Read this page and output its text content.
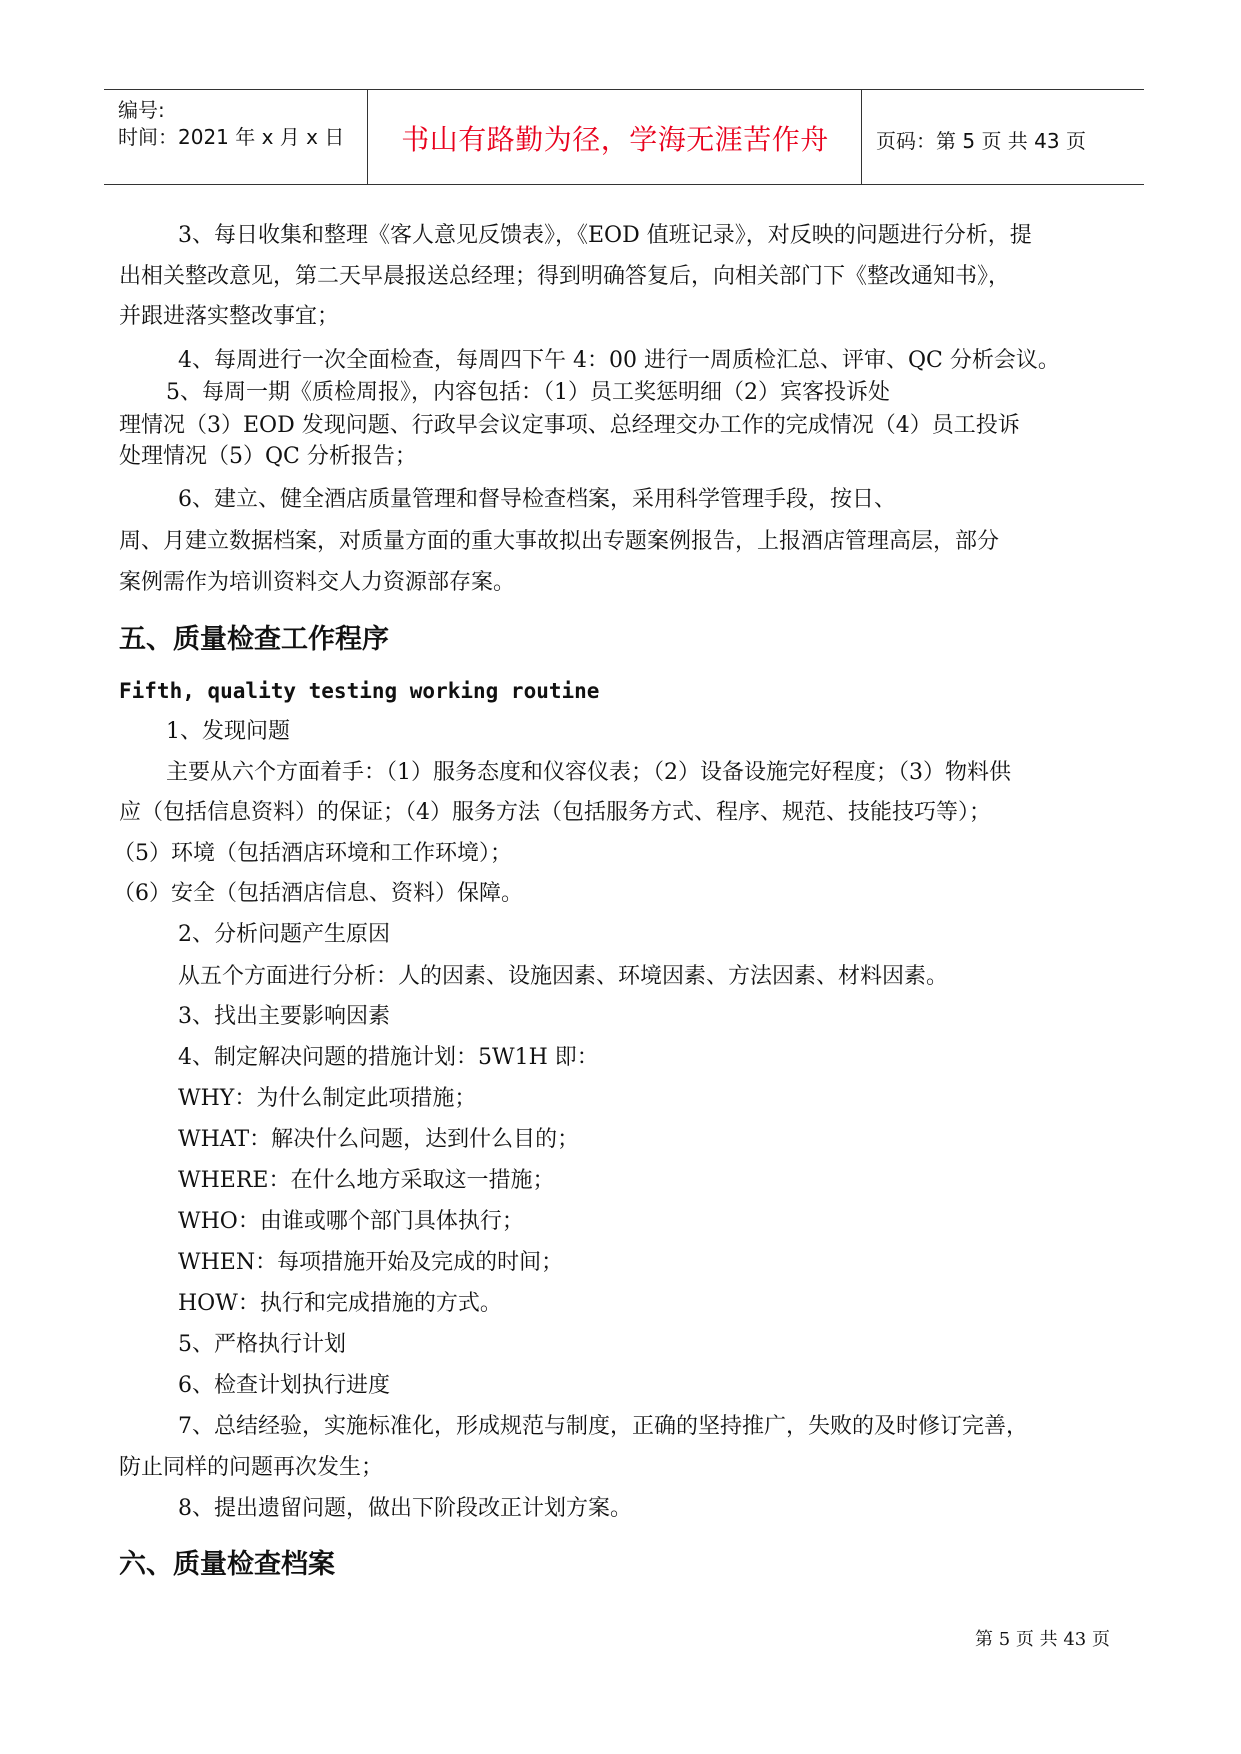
编号:
时间：2021 年 x 月 x 日	书山有路勤为径，学海无涯苦作舟	页码：第 5 页 共 43 页
3、每日收集和整理《客人意见反馈表》，《EOD 值班记录》，对反映的问题进行分析，提
出相关整改意见，第二天早晨报送总经理；得到明确答复后，向相关部门下《整改通知书》，
并跟进落实整改事宜；
4、每周进行一次全面检查，每周四下午 4：00 进行一周质检汇总、评审、QC 分析会议。
5、每周一期《质检周报》，内容包括：（1）员工奖惩明细（2）宾客投诉处
理情况（3）EOD 发现问题、行政早会议定事项、总经理交办工作的完成情况（4）员工投诉
处理情况（5）QC 分析报告；
6、建立、健全酒店质量管理和督导检查档案，采用科学管理手段，按日、
周、月建立数据档案，对质量方面的重大事故拟出专题案例报告，上报酒店管理高层，部分
案例需作为培训资料交人力资源部存案。
五、质量检查工作程序
Fifth, quality testing working routine
1、发现问题
主要从六个方面着手：（1）服务态度和仪容仪表；（2）设备设施完好程度；（3）物料供
应（包括信息资料）的保证；（4）服务方法（包括服务方式、程序、规范、技能技巧等）；
（5）环境（包括酒店环境和工作环境）；
（6）安全（包括酒店信息、资料）保障。
2、分析问题产生原因
从五个方面进行分析：人的因素、设施因素、环境因素、方法因素、材料因素。
3、找出主要影响因素
4、制定解决问题的措施计划：5W1H 即：
WHY：为什么制定此项措施；
WHAT：解决什么问题，达到什么目的；
WHERE：在什么地方采取这一措施；
WHO：由谁或哪个部门具体执行；
WHEN：每项措施开始及完成的时间；
HOW：执行和完成措施的方式。
5、严格执行计划
6、检查计划执行进度
7、总结经验，实施标准化，形成规范与制度，正确的坚持推广，失败的及时修订完善，
防止同样的问题再次发生；
8、提出遗留问题，做出下阶段改正计划方案。
六、质量检查档案
第 5 页 共 43 页
